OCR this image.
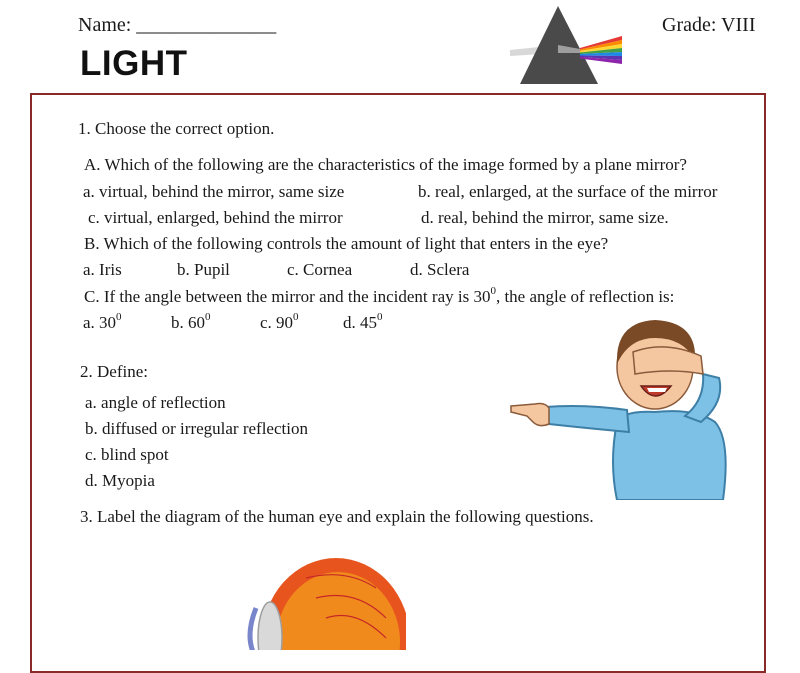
Name: ______________	Grade: VIII
LIGHT
1. Choose the correct option.
A. Which of the following are the characteristics of the image formed by a plane mirror?
a. virtual, behind the mirror, same size	b. real, enlarged, at the surface of the mirror
c. virtual, enlarged, behind the mirror	d. real, behind the mirror, same size.
B. Which of the following controls the amount of light that enters in the eye?
a. Iris	b. Pupil	c. Cornea	d. Sclera
C. If the angle between the mirror and the incident ray is $30^0$, the angle of reflection is:
a. $30^0$	b. $60^0$	c. $90^0$	d. $45^0$
2. Define:
a. angle of reflection
b. diffused or irregular reflection
c. blind spot
d. Myopia
3. Label the diagram of the human eye and explain the following questions.
